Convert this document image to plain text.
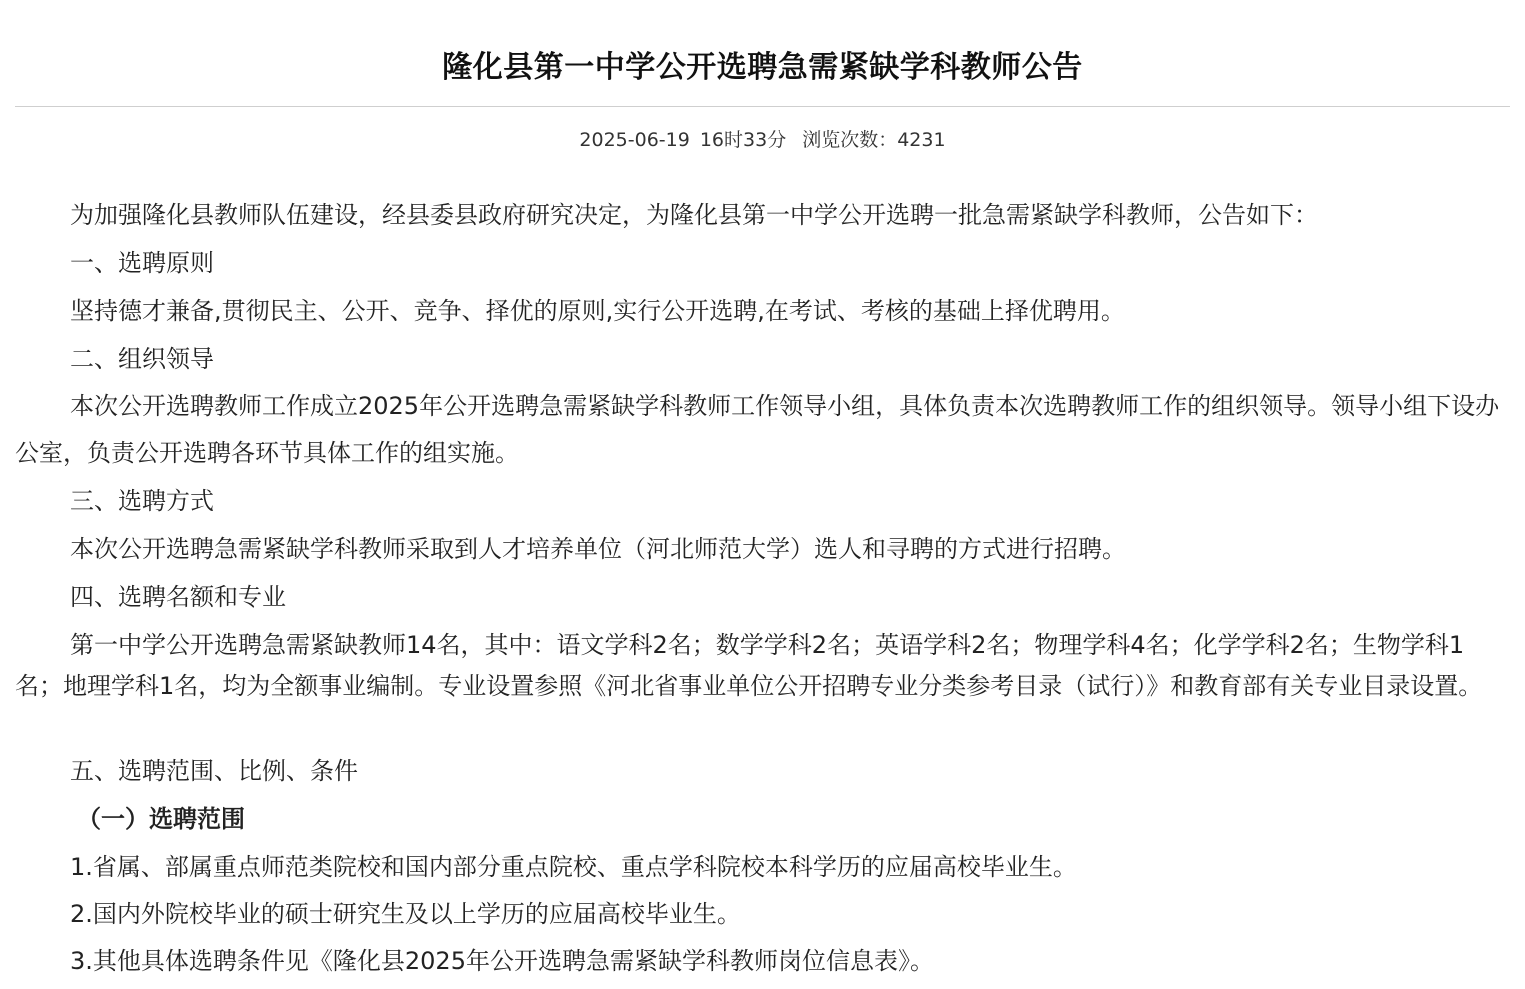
隆化县第一中学公开选聘急需紧缺学科教师公告
2025-06-19 16时33分 浏览次数：4231

为加强隆化县教师队伍建设，经县委县政府研究决定，为隆化县第一中学公开选聘一批急需紧缺学科教师，公告如下：

一、选聘原则

坚持德才兼备,贯彻民主、公开、竞争、择优的原则,实行公开选聘,在考试、考核的基础上择优聘用。

二、组织领导

本次公开选聘教师工作成立2025年公开选聘急需紧缺学科教师工作领导小组，具体负责本次选聘教师工作的组织领导。领导小组下设办公室，负责公开选聘各环节具体工作的组实施。

三、选聘方式

本次公开选聘急需紧缺学科教师采取到人才培养单位（河北师范大学）选人和寻聘的方式进行招聘。

四、选聘名额和专业

第一中学公开选聘急需紧缺教师14名，其中：语文学科2名；数学学科2名；英语学科2名；物理学科4名；化学学科2名；生物学科1名；地理学科1名，均为全额事业编制。专业设置参照《河北省事业单位公开招聘专业分类参考目录（试行）》和教育部有关专业目录设置。

五、选聘范围、比例、条件

（一）选聘范围

1.省属、部属重点师范类院校和国内部分重点院校、重点学科院校本科学历的应届高校毕业生。

2.国内外院校毕业的硕士研究生及以上学历的应届高校毕业生。

3.其他具体选聘条件见《隆化县2025年公开选聘急需紧缺学科教师岗位信息表》。
